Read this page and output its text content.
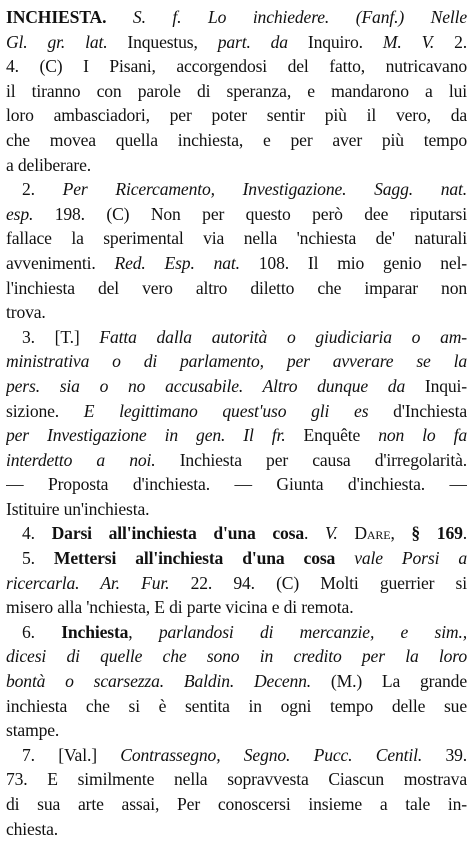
INCHIESTA. S. f. Lo inchiedere. (Fanf.) Nelle
Gl. gr. lat. Inquestus, part. da Inquiro. M. V. 2.
4. (C) I Pisani, accorgendosi del fatto, nutricavano
il tiranno con parole di speranza, e mandarono a lui
loro ambasciadori, per poter sentir più il vero, da
che movea quella inchiesta, e per aver più tempo
a deliberare.
2. Per Ricercamento, Investigazione. Sagg. nat.
esp. 198. (C) Non per questo però dee riputarsi
fallace la sperimental via nella 'nchiesta de' naturali
avvenimenti. Red. Esp. nat. 108. Il mio genio nel-
l'inchiesta del vero altro diletto che imparar non
trova.
3. [T.] Fatta dalla autorità o giudiciaria o am-
ministrativa o di parlamento, per avverare se la
pers. sia o no accusabile. Altro dunque da Inqui-
sizione. E legittimano quest'uso gli es d'Inchiesta
per Investigazione in gen. Il fr. Enquête non lo fa
interdetto a noi. Inchiesta per causa d'irregolarità.
— Proposta d'inchiesta. — Giunta d'inchiesta. —
Istituire un'inchiesta.
4. Darsi all'inchiesta d'una cosa. V. Dare, § 169.
5. Mettersi all'inchiesta d'una cosa vale Porsi a
ricercarla. Ar. Fur. 22. 94. (C) Molti guerrier si
misero alla 'nchiesta, E di parte vicina e di remota.
6. Inchiesta, parlandosi di mercanzie, e sim.,
dicesi di quelle che sono in credito per la loro
bontà o scarsezza. Baldin. Decenn. (M.) La grande
inchiesta che si è sentita in ogni tempo delle sue
stampe.
7. [Val.] Contrassegno, Segno. Pucc. Centil. 39.
73. E similmente nella sopravvesta Ciascun mostrava
di sua arte assai, Per conoscersi insieme a tale in-
chiesta.
